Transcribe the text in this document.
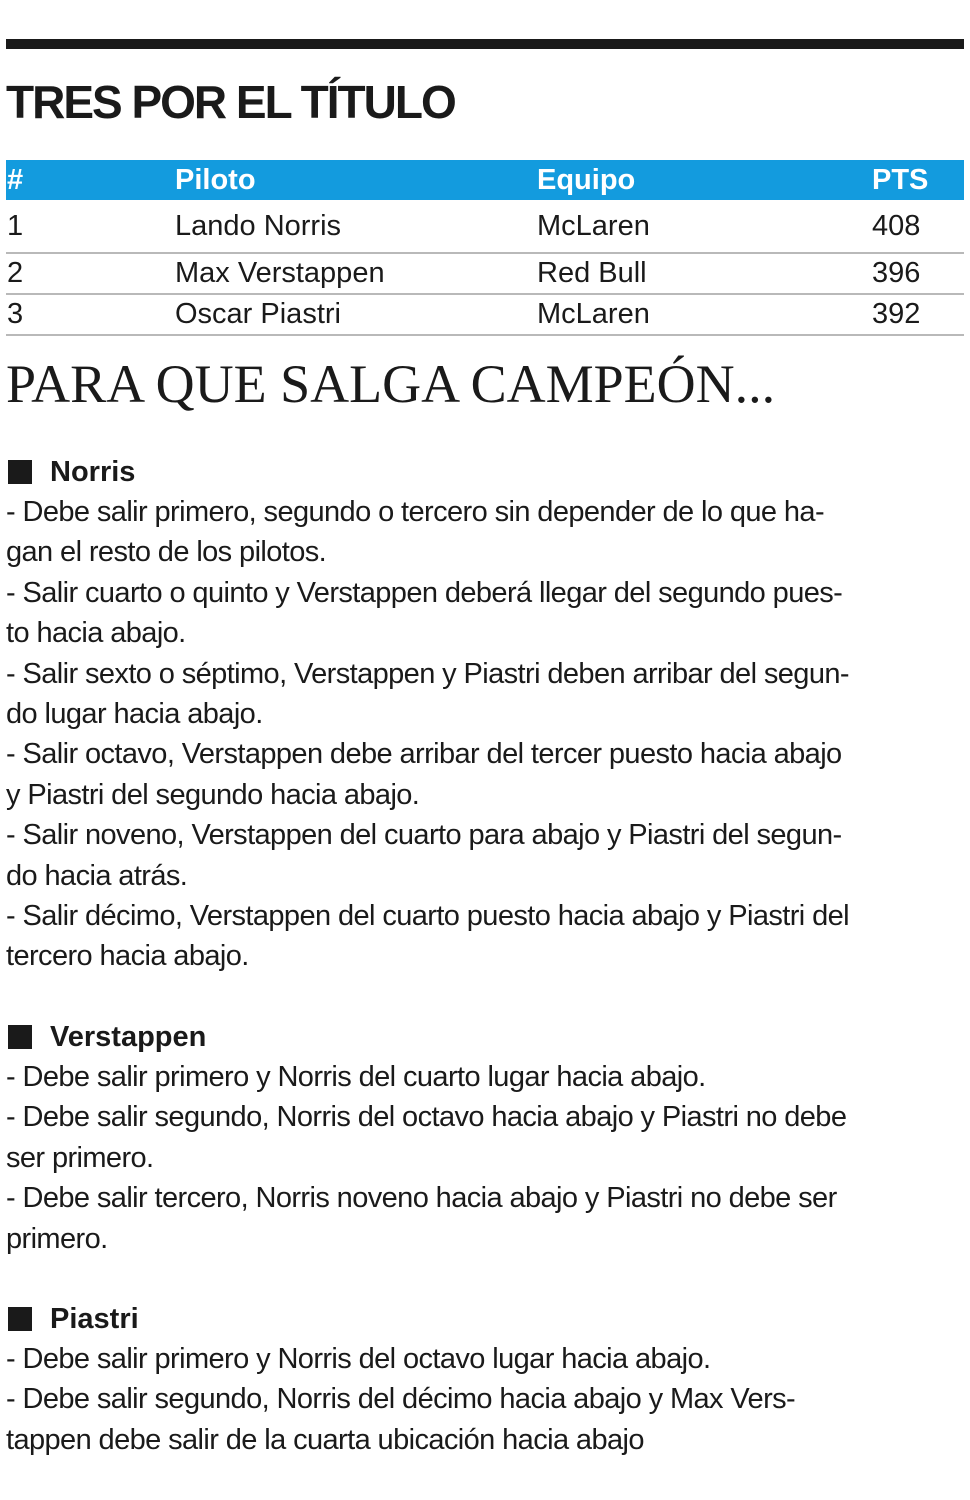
TRES POR EL TÍTULO
#	Piloto	Equipo	PTS
1	Lando Norris	McLaren	408
2	Max Verstappen	Red Bull	396
3	Oscar Piastri	McLaren	392
PARA QUE SALGA CAMPEÓN...
Norris
- Debe salir primero, segundo o tercero sin depender de lo que ha-
gan el resto de los pilotos.
- Salir cuarto o quinto y Verstappen deberá llegar del segundo pues-
to hacia abajo.
- Salir sexto o séptimo, Verstappen y Piastri deben arribar del segun-
do lugar hacia abajo.
- Salir octavo, Verstappen debe arribar del tercer puesto hacia abajo
y Piastri del segundo hacia abajo.
- Salir noveno, Verstappen del cuarto para abajo y Piastri del segun-
do hacia atrás.
- Salir décimo, Verstappen del cuarto puesto hacia abajo y Piastri del
tercero hacia abajo.
Verstappen
- Debe salir primero y Norris del cuarto lugar hacia abajo.
- Debe salir segundo, Norris del octavo hacia abajo y Piastri no debe
ser primero.
- Debe salir tercero, Norris noveno hacia abajo y Piastri no debe ser
primero.
Piastri
- Debe salir primero y Norris del octavo lugar hacia abajo.
- Debe salir segundo, Norris del décimo hacia abajo y Max Vers-
tappen debe salir de la cuarta ubicación hacia abajo
